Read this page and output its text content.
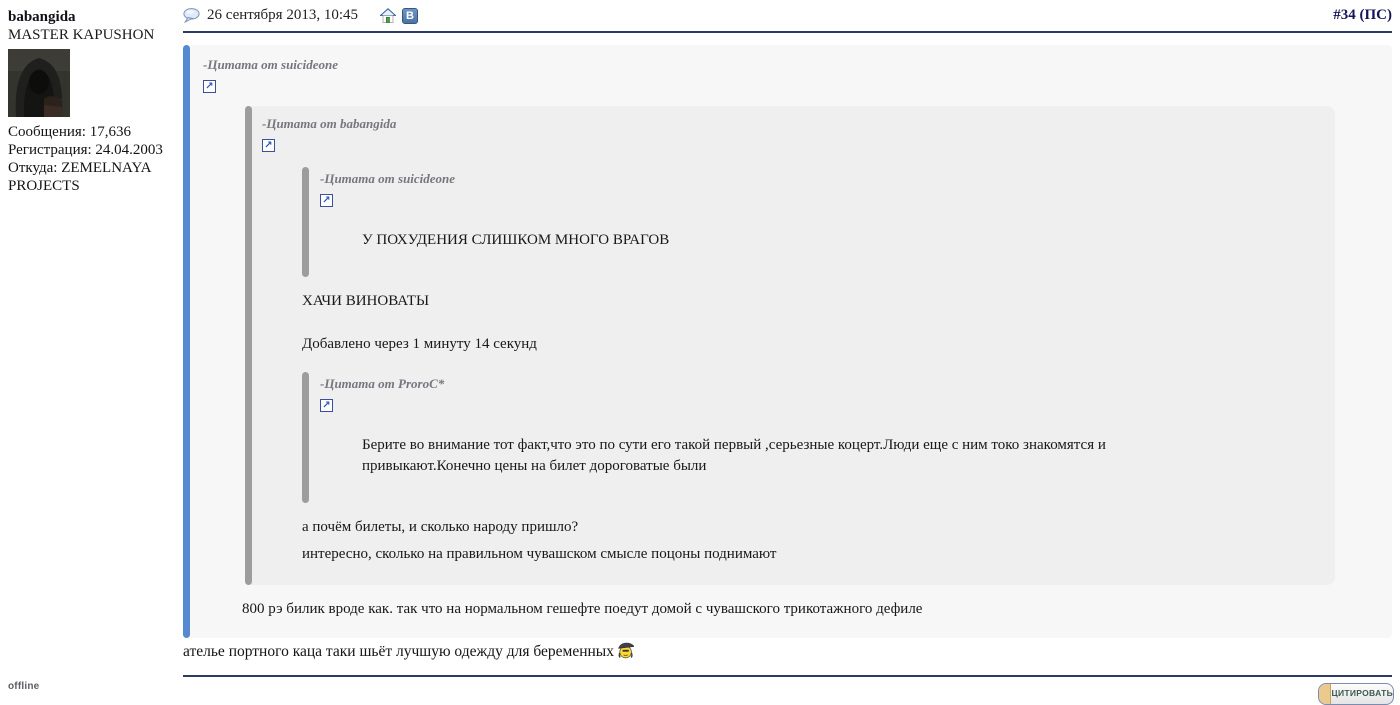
babangida
MASTER KAPUSHON
Сообщения: 17,636
Регистрация: 24.04.2003
Откуда: ZEMELNAYA PROJECTS
offline
26 сентября 2013, 10:45	B	#34 (ПС)
-Цитата от suicideone
↗
-Цитата от babangida
↗
-Цитата от suicideone
↗
У ПОХУДЕНИЯ СЛИШКОМ МНОГО ВРАГОВ
ХАЧИ ВИНОВАТЫ
Добавлено через 1 минуту 14 секунд
-Цитата от ProroC*
↗
Берите во внимание тот факт,что это по сути его такой первый ,серьезные коцерт.Люди еще с ним токо знакомятся и привыкают.Конечно цены на билет дороговатые были
а почём билеты, и сколько народу пришло?
интересно, сколько на правильном чувашском смысле поцоны поднимают
800 рэ билик вроде как. так что на нормальном гешефте поедут домой с чувашского трикотажного дефиле
ателье портного каца таки шьёт лучшую одежду для беременных
ЦИТИРОВАТЬ
